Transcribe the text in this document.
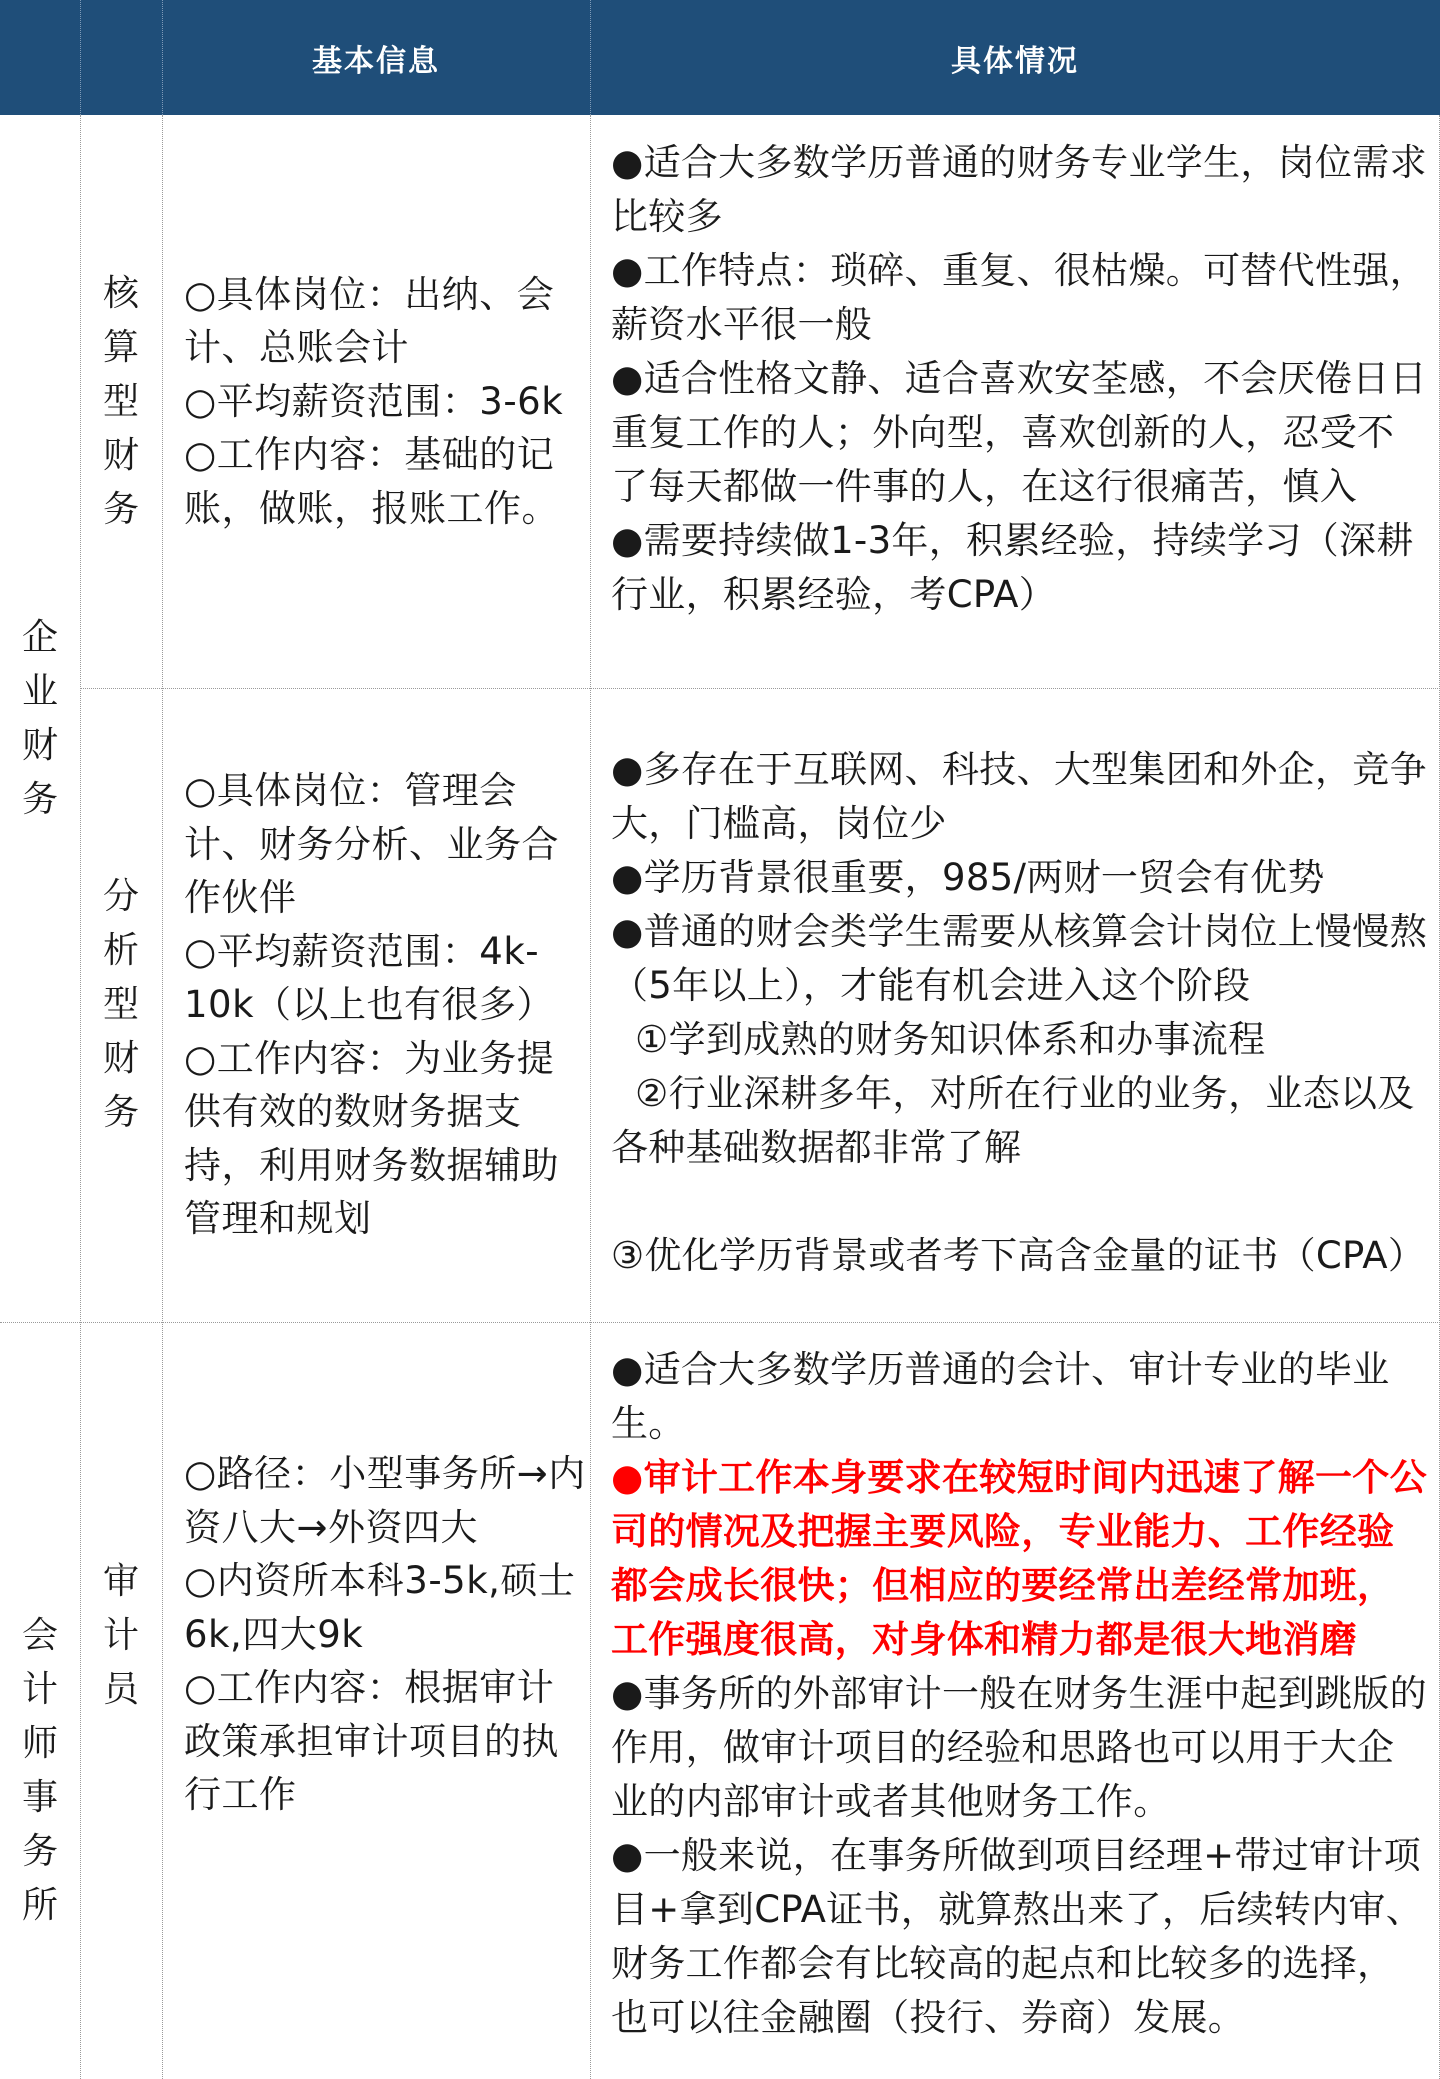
基本信息	具体情况
企业财务
会计师事务所
核算型财务
○具体岗位：出纳、会计、总账会计
○平均薪资范围：3-6k
○工作内容：基础的记账，做账，报账工作。
●适合大多数学历普通的财务专业学生，岗位需求比较多
●工作特点：琐碎、重复、很枯燥。可替代性强，薪资水平很一般
●适合性格文静、适合喜欢安荃感，不会厌倦日日重复工作的人；外向型，喜欢创新的人，忍受不了每天都做一件事的人，在这行很痛苦，慎入
●需要持续做1-3年，积累经验，持续学习（深耕行业，积累经验，考CPA）
分析型财务
○具体岗位：管理会计、财务分析、业务合作伙伴
○平均薪资范围：4k-10k（以上也有很多）
○工作内容：为业务提供有效的数财务据支持，利用财务数据辅助管理和规划
●多存在于互联网、科技、大型集团和外企，竞争大，门槛高，岗位少
●学历背景很重要，985/两财一贸会有优势
●普通的财会类学生需要从核算会计岗位上慢慢熬（5年以上），才能有机会进入这个阶段
①学到成熟的财务知识体系和办事流程
②行业深耕多年，对所在行业的业务，业态以及各种基础数据都非常了解
③优化学历背景或者考下高含金量的证书（CPA）
审计员
○路径：小型事务所→内资八大→外资四大
○内资所本科3-5k,硕士6k,四大9k
○工作内容：根据审计政策承担审计项目的执行工作
●适合大多数学历普通的会计、审计专业的毕业生。
●审计工作本身要求在较短时间内迅速了解一个公司的情况及把握主要风险，专业能力、工作经验都会成长很快；但相应的要经常出差经常加班，工作强度很高，对身体和精力都是很大地消磨
●事务所的外部审计一般在财务生涯中起到跳版的作用，做审计项目的经验和思路也可以用于大企业的内部审计或者其他财务工作。
●一般来说，在事务所做到项目经理+带过审计项目+拿到CPA证书，就算熬出来了，后续转内审、财务工作都会有比较高的起点和比较多的选择，也可以往金融圈（投行、券商）发展。
